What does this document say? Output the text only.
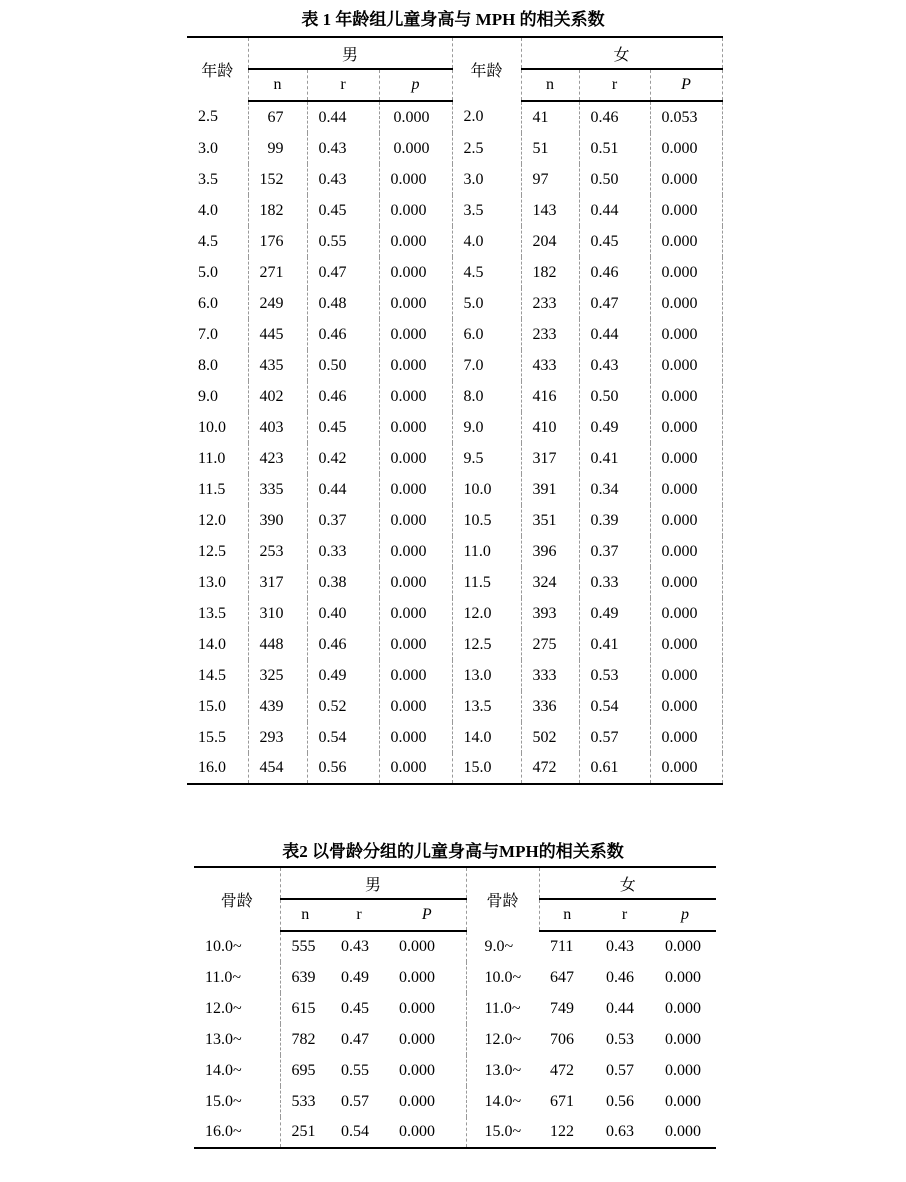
表 1 年龄组儿童身高与 MPH 的相关系数
年龄	男			年龄	女		
	n	r	p		n	r	P
2.5	67	0.44	0.000	2.0	41	0.46	0.053
3.0	99	0.43	0.000	2.5	51	0.51	0.000
3.5	152	0.43	0.000	3.0	97	0.50	0.000
4.0	182	0.45	0.000	3.5	143	0.44	0.000
4.5	176	0.55	0.000	4.0	204	0.45	0.000
5.0	271	0.47	0.000	4.5	182	0.46	0.000
6.0	249	0.48	0.000	5.0	233	0.47	0.000
7.0	445	0.46	0.000	6.0	233	0.44	0.000
8.0	435	0.50	0.000	7.0	433	0.43	0.000
9.0	402	0.46	0.000	8.0	416	0.50	0.000
10.0	403	0.45	0.000	9.0	410	0.49	0.000
11.0	423	0.42	0.000	9.5	317	0.41	0.000
11.5	335	0.44	0.000	10.0	391	0.34	0.000
12.0	390	0.37	0.000	10.5	351	0.39	0.000
12.5	253	0.33	0.000	11.0	396	0.37	0.000
13.0	317	0.38	0.000	11.5	324	0.33	0.000
13.5	310	0.40	0.000	12.0	393	0.49	0.000
14.0	448	0.46	0.000	12.5	275	0.41	0.000
14.5	325	0.49	0.000	13.0	333	0.53	0.000
15.0	439	0.52	0.000	13.5	336	0.54	0.000
15.5	293	0.54	0.000	14.0	502	0.57	0.000
16.0	454	0.56	0.000	15.0	472	0.61	0.000
表2 以骨龄分组的儿童身高与MPH的相关系数
骨龄	男			骨龄	女		
	n	r	P		n	r	p
10.0~	555	0.43	0.000	9.0~	711	0.43	0.000
11.0~	639	0.49	0.000	10.0~	647	0.46	0.000
12.0~	615	0.45	0.000	11.0~	749	0.44	0.000
13.0~	782	0.47	0.000	12.0~	706	0.53	0.000
14.0~	695	0.55	0.000	13.0~	472	0.57	0.000
15.0~	533	0.57	0.000	14.0~	671	0.56	0.000
16.0~	251	0.54	0.000	15.0~	122	0.63	0.000
